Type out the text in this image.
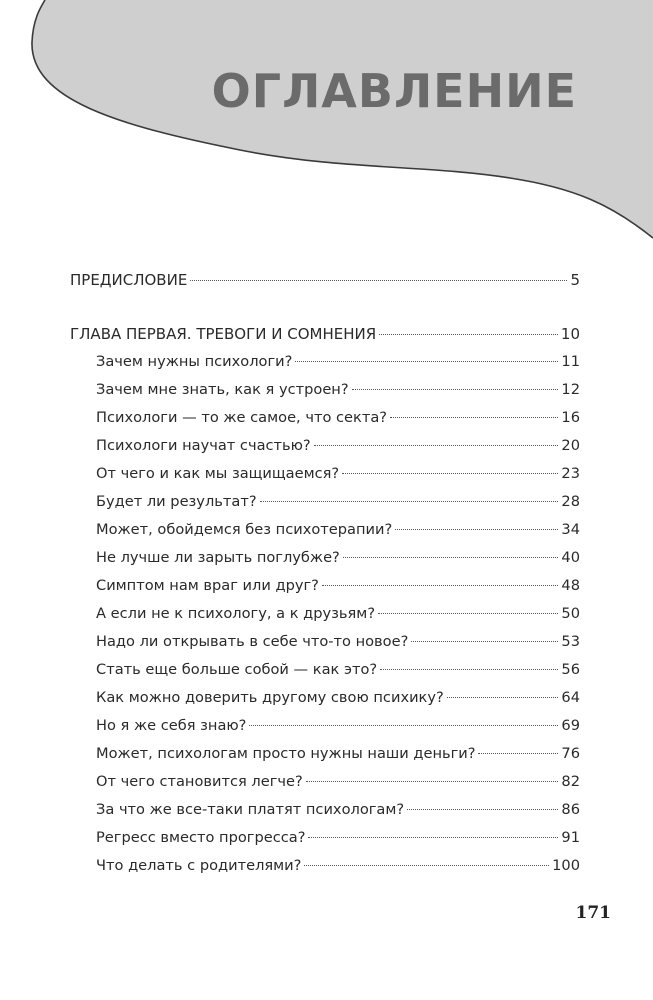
ОГЛАВЛЕНИЕ
ПРЕДИСЛОВИЕ	5
ГЛАВА ПЕРВАЯ. ТРЕВОГИ И СОМНЕНИЯ	10
Зачем нужны психологи?	11
Зачем мне знать, как я устроен?	12
Психологи — то же самое, что секта?	16
Психологи научат счастью?	20
От чего и как мы защищаемся?	23
Будет ли результат?	28
Может, обойдемся без психотерапии?	34
Не лучше ли зарыть поглубже?	40
Симптом нам враг или друг?	48
А если не к психологу, а к друзьям?	50
Надо ли открывать в себе что-то новое?	53
Стать еще больше собой — как это?	56
Как можно доверить другому свою психику?	64
Но я же себя знаю?	69
Может, психологам просто нужны наши деньги?	76
От чего становится легче?	82
За что же все-таки платят психологам?	86
Регресс вместо прогресса?	91
Что делать с родителями?	100
171
